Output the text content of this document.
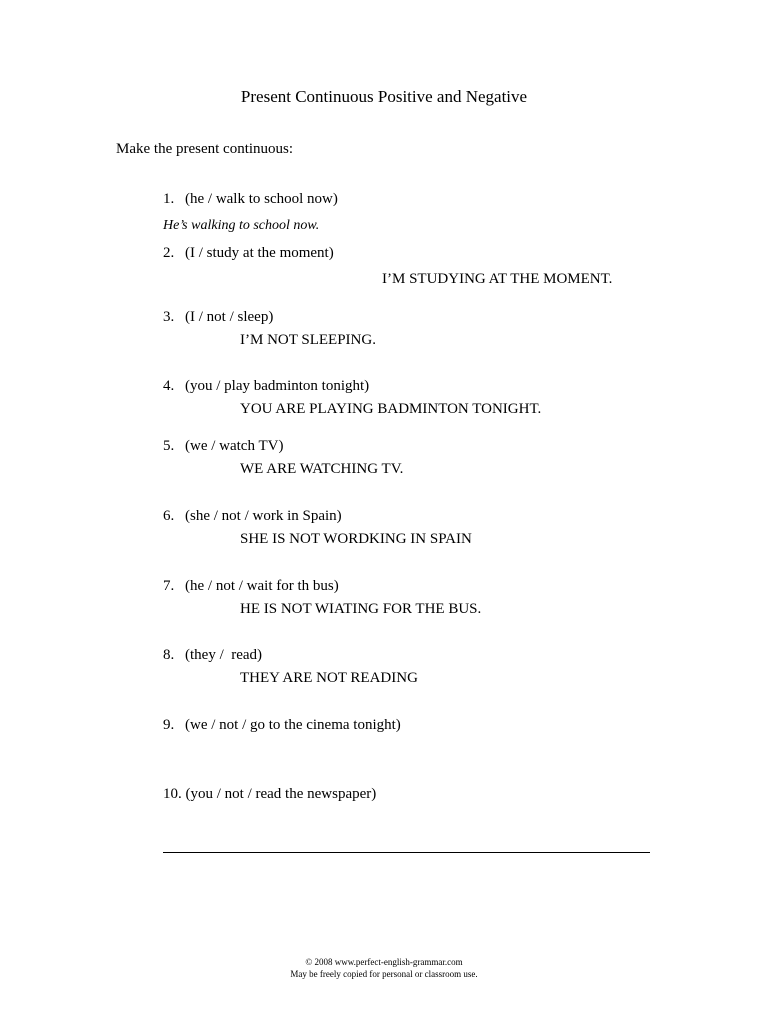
Present Continuous Positive and Negative
Make the present continuous:
1. (he / walk to school now)
He’s walking to school now.
2. (I / study at the moment)
I’M STUDYING AT THE MOMENT.
3. (I / not / sleep)
I’M NOT SLEEPING.
4. (you / play badminton tonight)
YOU ARE PLAYING BADMINTON TONIGHT.
5. (we / watch TV)
WE ARE WATCHING TV.
6. (she / not / work in Spain)
SHE IS NOT WORDKING IN SPAIN
7. (he / not / wait for th bus)
HE IS NOT WIATING FOR THE BUS.
8. (they /  read)
THEY ARE NOT READING
9. (we / not / go to the cinema tonight)
10. (you / not / read the newspaper)
© 2008 www.perfect-english-grammar.com
May be freely copied for personal or classroom use.
